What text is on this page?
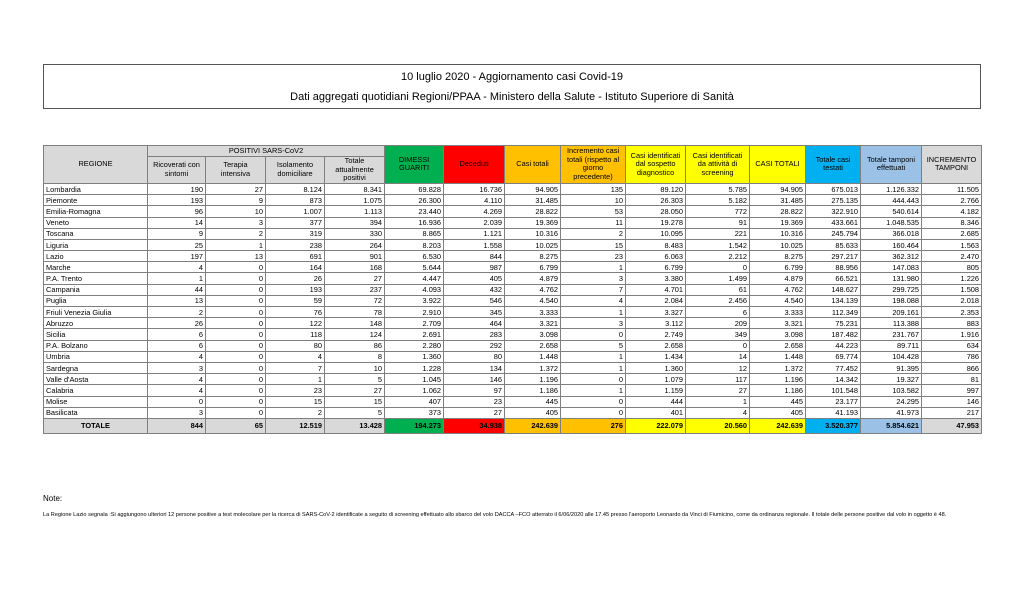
10 luglio 2020 - Aggiornamento casi Covid-19
Dati aggregati quotidiani Regioni/PPAA - Ministero della Salute - Istituto Superiore di Sanità
REGIONE	POSITIVI SARS-CoV2				DIMESSI GUARITI	Deceduti	Casi totali	Incremento casi totali (rispetto al giorno precedente)	Casi identificati dal sospetto diagnostico	Casi identificati da attività di screening	CASI TOTALI	Totale casi testati	Totale tamponi effettuati	INCREMENTO TAMPONI
	Ricoverati con sintomi	Terapia intensiva	Isolamento domiciliare	Totale attualmente positivi										
Lombardia	190	27	8.124	8.341	69.828	16.736	94.905	135	89.120	5.785	94.905	675.013	1.126.332	11.505
Piemonte	193	9	873	1.075	26.300	4.110	31.485	10	26.303	5.182	31.485	275.135	444.443	2.766
Emilia-Romagna	96	10	1.007	1.113	23.440	4.269	28.822	53	28.050	772	28.822	322.910	540.614	4.182
Veneto	14	3	377	394	16.936	2.039	19.369	11	19.278	91	19.369	433.661	1.048.535	8.346
Toscana	9	2	319	330	8.865	1.121	10.316	2	10.095	221	10.316	245.794	366.018	2.685
Liguria	25	1	238	264	8.203	1.558	10.025	15	8.483	1.542	10.025	85.633	160.464	1.563
Lazio	197	13	691	901	6.530	844	8.275	23	6.063	2.212	8.275	297.217	362.312	2.470
Marche	4	0	164	168	5.644	987	6.799	1	6.799	0	6.799	88.956	147.083	805
P.A. Trento	1	0	26	27	4.447	405	4.879	3	3.380	1.499	4.879	66.521	131.980	1.226
Campania	44	0	193	237	4.093	432	4.762	7	4.701	61	4.762	148.627	299.725	1.508
Puglia	13	0	59	72	3.922	546	4.540	4	2.084	2.456	4.540	134.139	198.088	2.018
Friuli Venezia Giulia	2	0	76	78	2.910	345	3.333	1	3.327	6	3.333	112.349	209.161	2.353
Abruzzo	26	0	122	148	2.709	464	3.321	3	3.112	209	3.321	75.231	113.388	883
Sicilia	6	0	118	124	2.691	283	3.098	0	2.749	349	3.098	187.482	231.767	1.916
P.A. Bolzano	6	0	80	86	2.280	292	2.658	5	2.658	0	2.658	44.223	89.711	634
Umbria	4	0	4	8	1.360	80	1.448	1	1.434	14	1.448	69.774	104.428	786
Sardegna	3	0	7	10	1.228	134	1.372	1	1.360	12	1.372	77.452	91.395	866
Valle d'Aosta	4	0	1	5	1.045	146	1.196	0	1.079	117	1.196	14.342	19.327	81
Calabria	4	0	23	27	1.062	97	1.186	1	1.159	27	1.186	101.548	103.582	997
Molise	0	0	15	15	407	23	445	0	444	1	445	23.177	24.295	146
Basilicata	3	0	2	5	373	27	405	0	401	4	405	41.193	41.973	217
TOTALE	844	65	12.519	13.428	194.273	34.938	242.639	276	222.079	20.560	242.639	3.520.377	5.854.621	47.953
Note:
La Regione Lazio segnala :Si aggiungono ulteriori 12 persone positive a test molecolare per la ricerca di SARS-CoV-2 identificate a seguito di screening effettuato allo sbarco del volo DACCA –FCO atterrato il 6/06/2020 alle 17.45 presso l'aeroporto Leonardo da Vinci di Fiumicino, come da ordinanza regionale. Il totale delle persone positive dal volo in oggetto è 48.
